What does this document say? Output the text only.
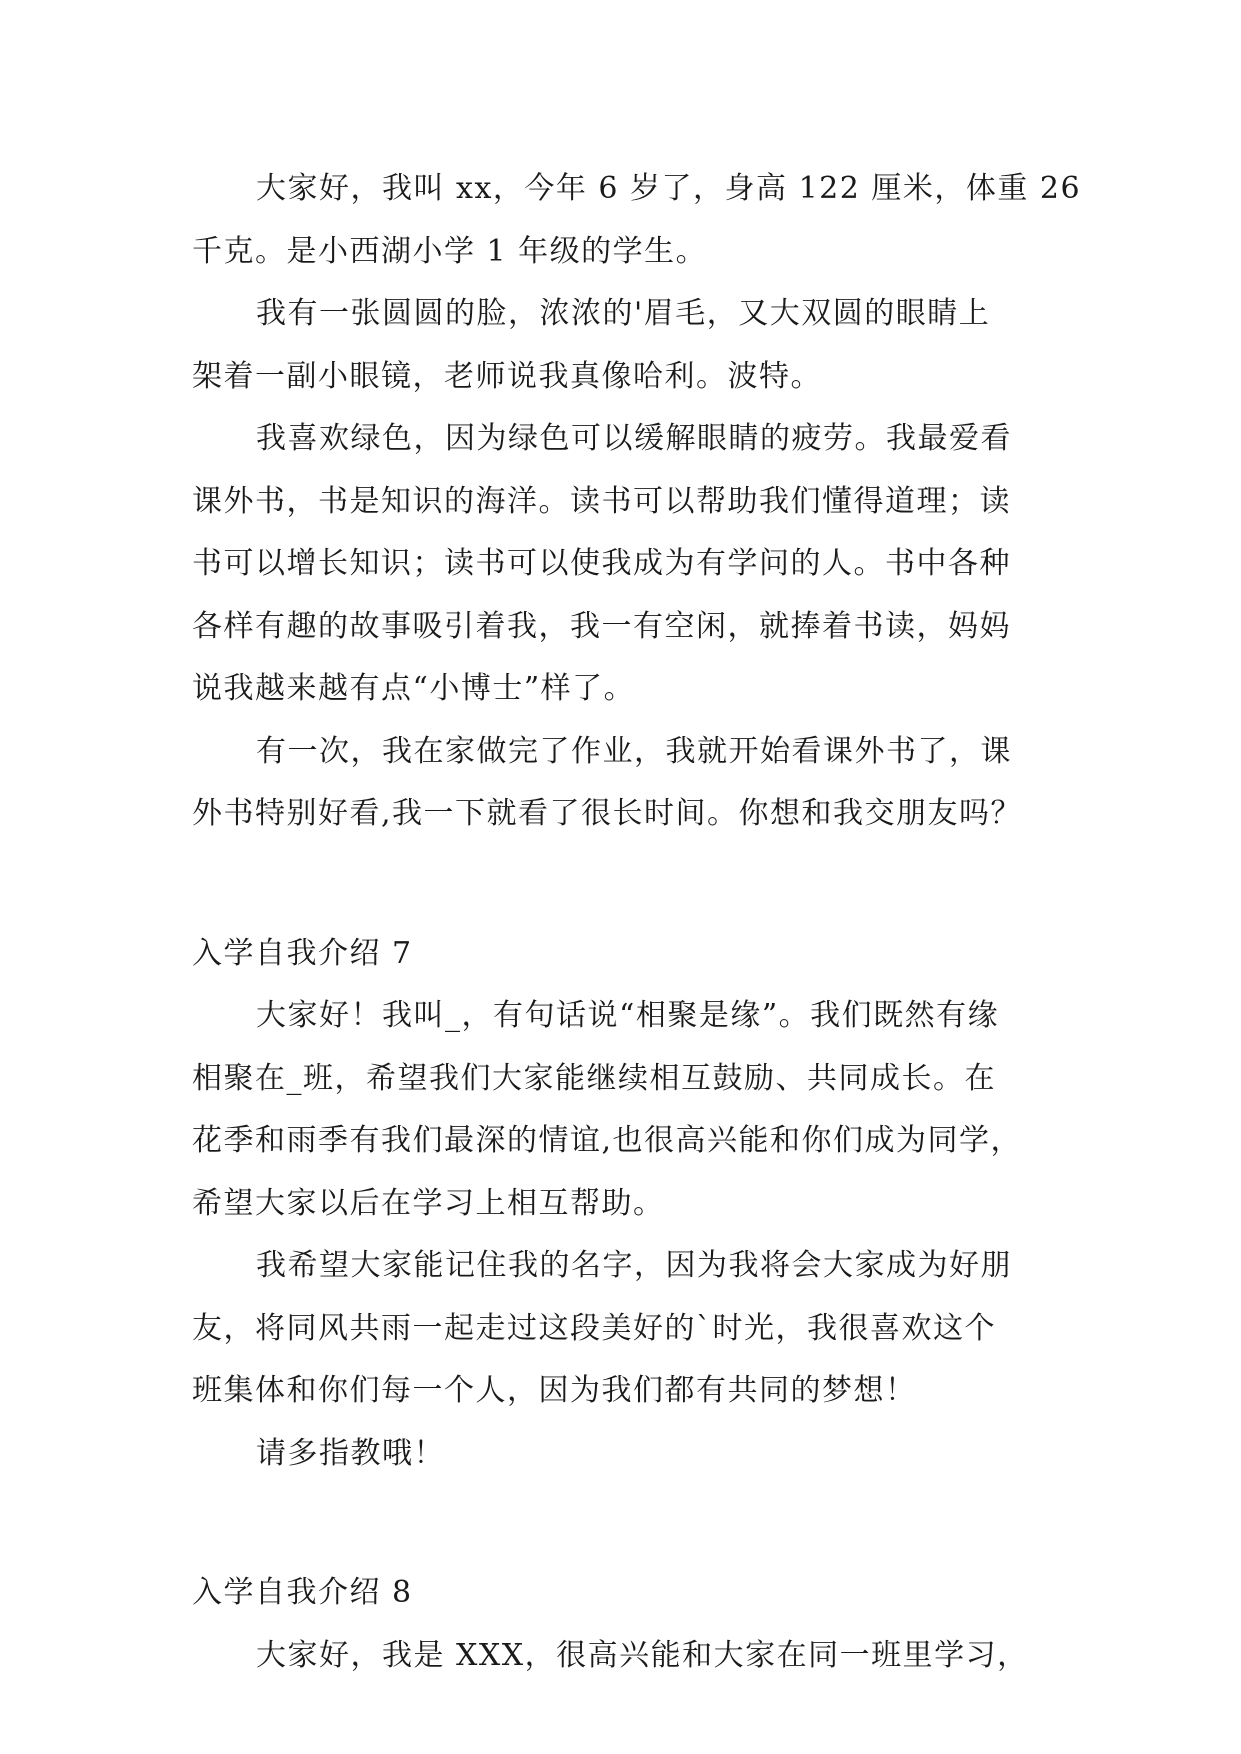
大家好，我叫 xx，今年 6 岁了，身高 122 厘米，体重 26
千克。是小西湖小学 1 年级的学生。
我有一张圆圆的脸，浓浓的'眉毛，又大双圆的眼睛上
架着一副小眼镜，老师说我真像哈利。波特。
我喜欢绿色，因为绿色可以缓解眼睛的疲劳。我最爱看
课外书，书是知识的海洋。读书可以帮助我们懂得道理；读
书可以增长知识；读书可以使我成为有学问的人。书中各种
各样有趣的故事吸引着我，我一有空闲，就捧着书读，妈妈
说我越来越有点“小博士”样了。
有一次，我在家做完了作业，我就开始看课外书了，课
外书特别好看,我一下就看了很长时间。你想和我交朋友吗？
入学自我介绍 7
大家好！我叫_，有句话说“相聚是缘”。我们既然有缘
相聚在_班，希望我们大家能继续相互鼓励、共同成长。在
花季和雨季有我们最深的情谊,也很高兴能和你们成为同学，
希望大家以后在学习上相互帮助。
我希望大家能记住我的名字，因为我将会大家成为好朋
友，将同风共雨一起走过这段美好的`时光，我很喜欢这个
班集体和你们每一个人，因为我们都有共同的梦想！
请多指教哦！
入学自我介绍 8
大家好，我是 XXX，很高兴能和大家在同一班里学习，
